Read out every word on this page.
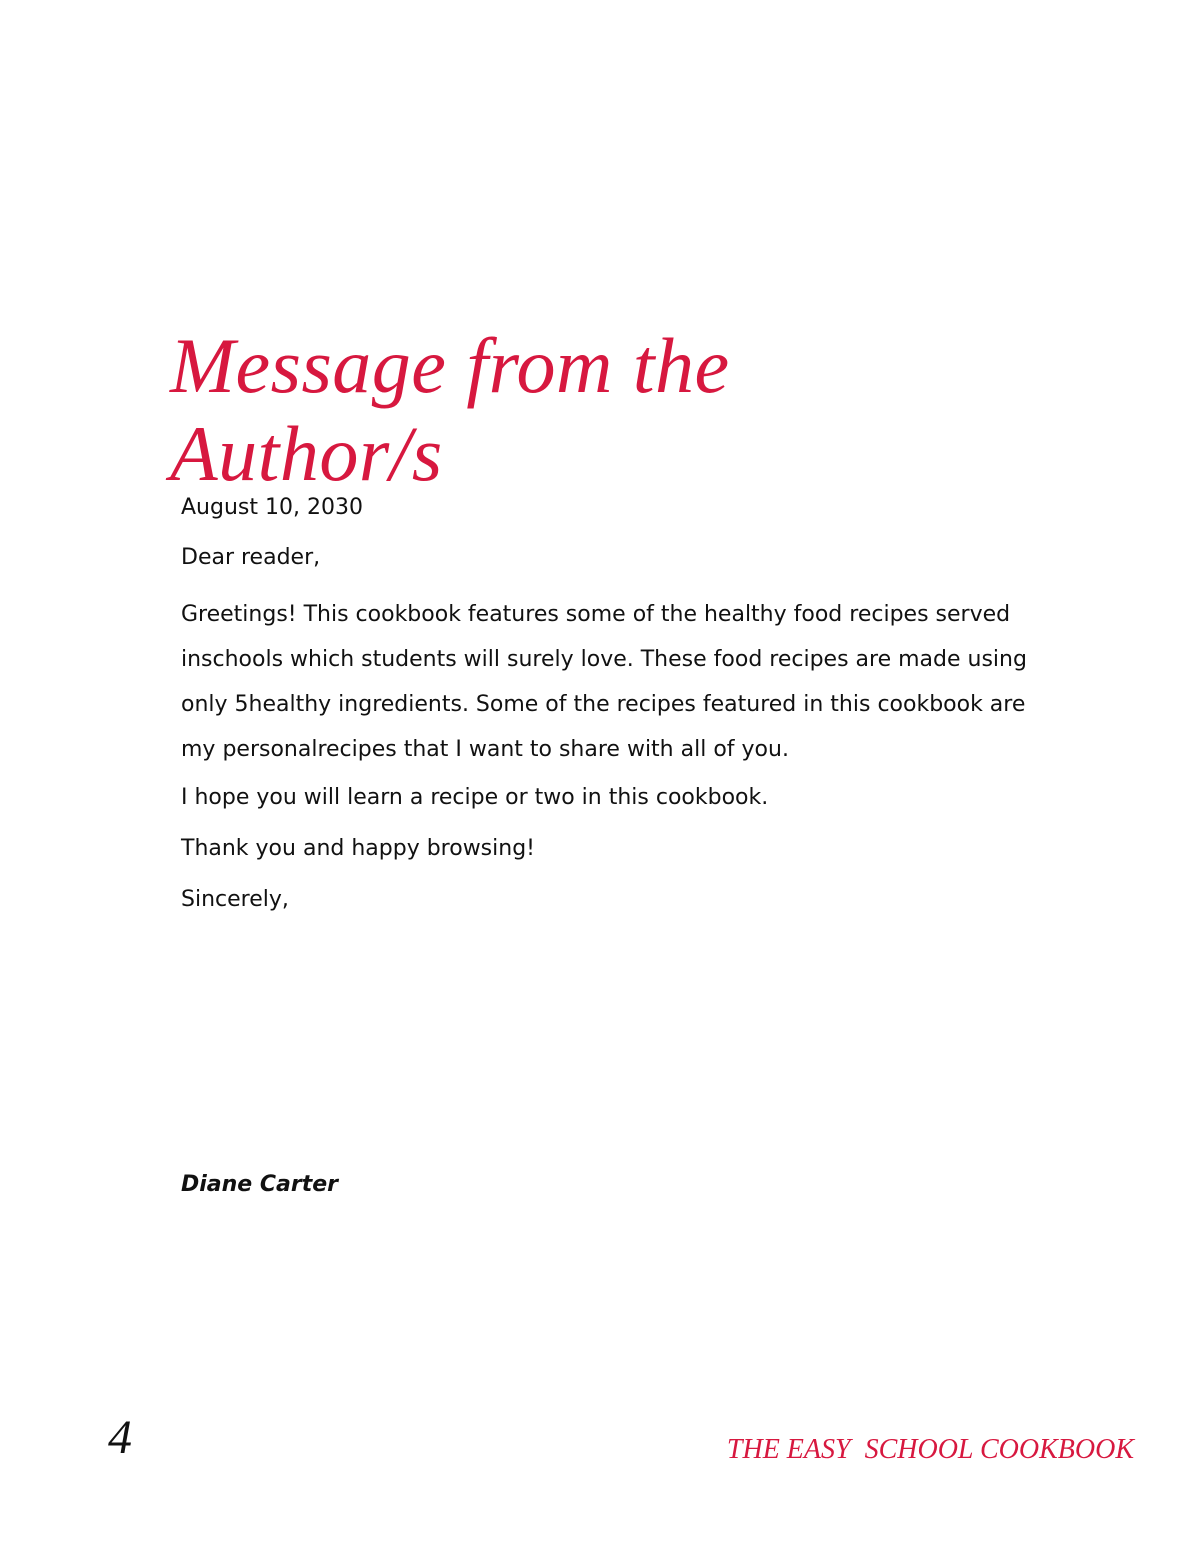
Message from the
Author/s

August 10, 2030

Dear reader,

Greetings! This cookbook features some of the healthy food recipes served inschools which students will surely love. These food recipes are made using only 5healthy ingredients. Some of the recipes featured in this cookbook are my personalrecipes that I want to share with all of you.

I hope you will learn a recipe or two in this cookbook.

Thank you and happy browsing!

Sincerely,

Diane Carter
4	THE EASY  SCHOOL COOKBOOK
